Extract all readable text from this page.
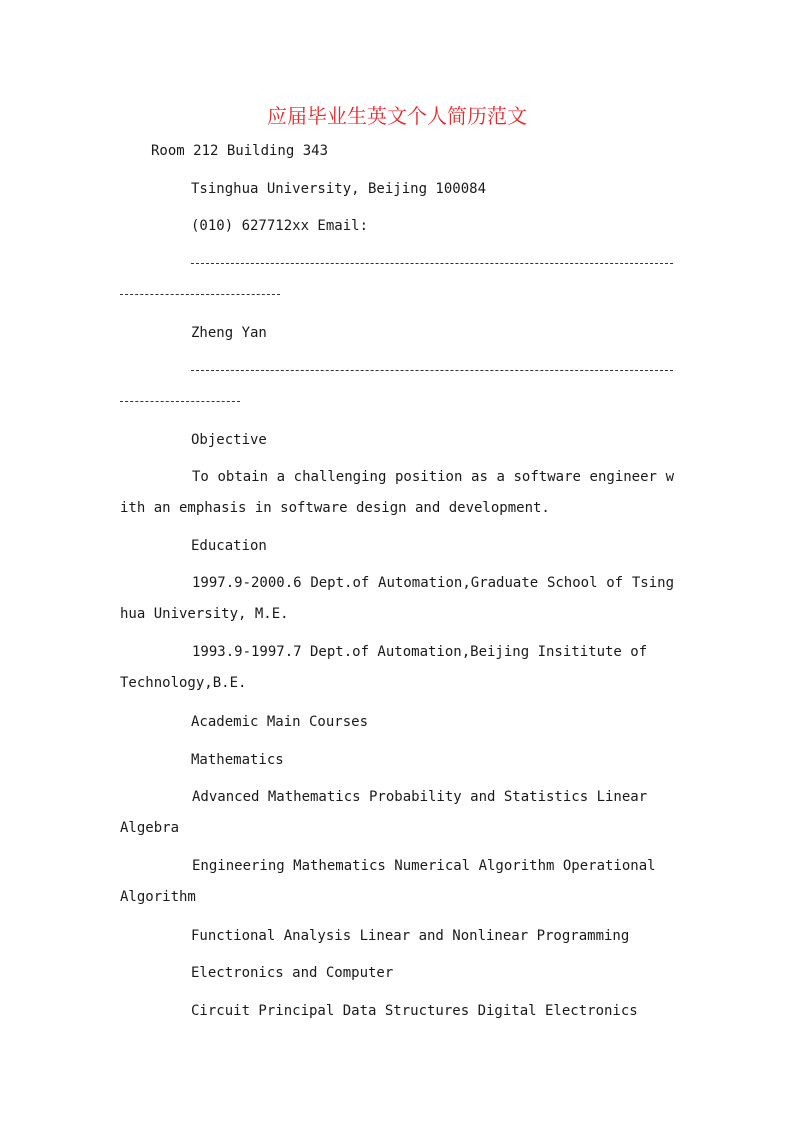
应届毕业生英文个人简历范文
Room 212 Building 343
Tsinghua University, Beijing 100084
(010) 627712xx Email:
Zheng Yan
Objective
To obtain a challenging position as a software engineer with an emphasis in software design and development.
Education
1997.9-2000.6 Dept.of Automation,Graduate School of Tsinghua University, M.E.
1993.9-1997.7 Dept.of Automation,Beijing Insititute of Technology,B.E.
Academic Main Courses
Mathematics
Advanced Mathematics Probability and Statistics Linear Algebra
Engineering Mathematics Numerical Algorithm Operational Algorithm
Functional Analysis Linear and Nonlinear Programming
Electronics and Computer
Circuit Principal Data Structures Digital Electronics
